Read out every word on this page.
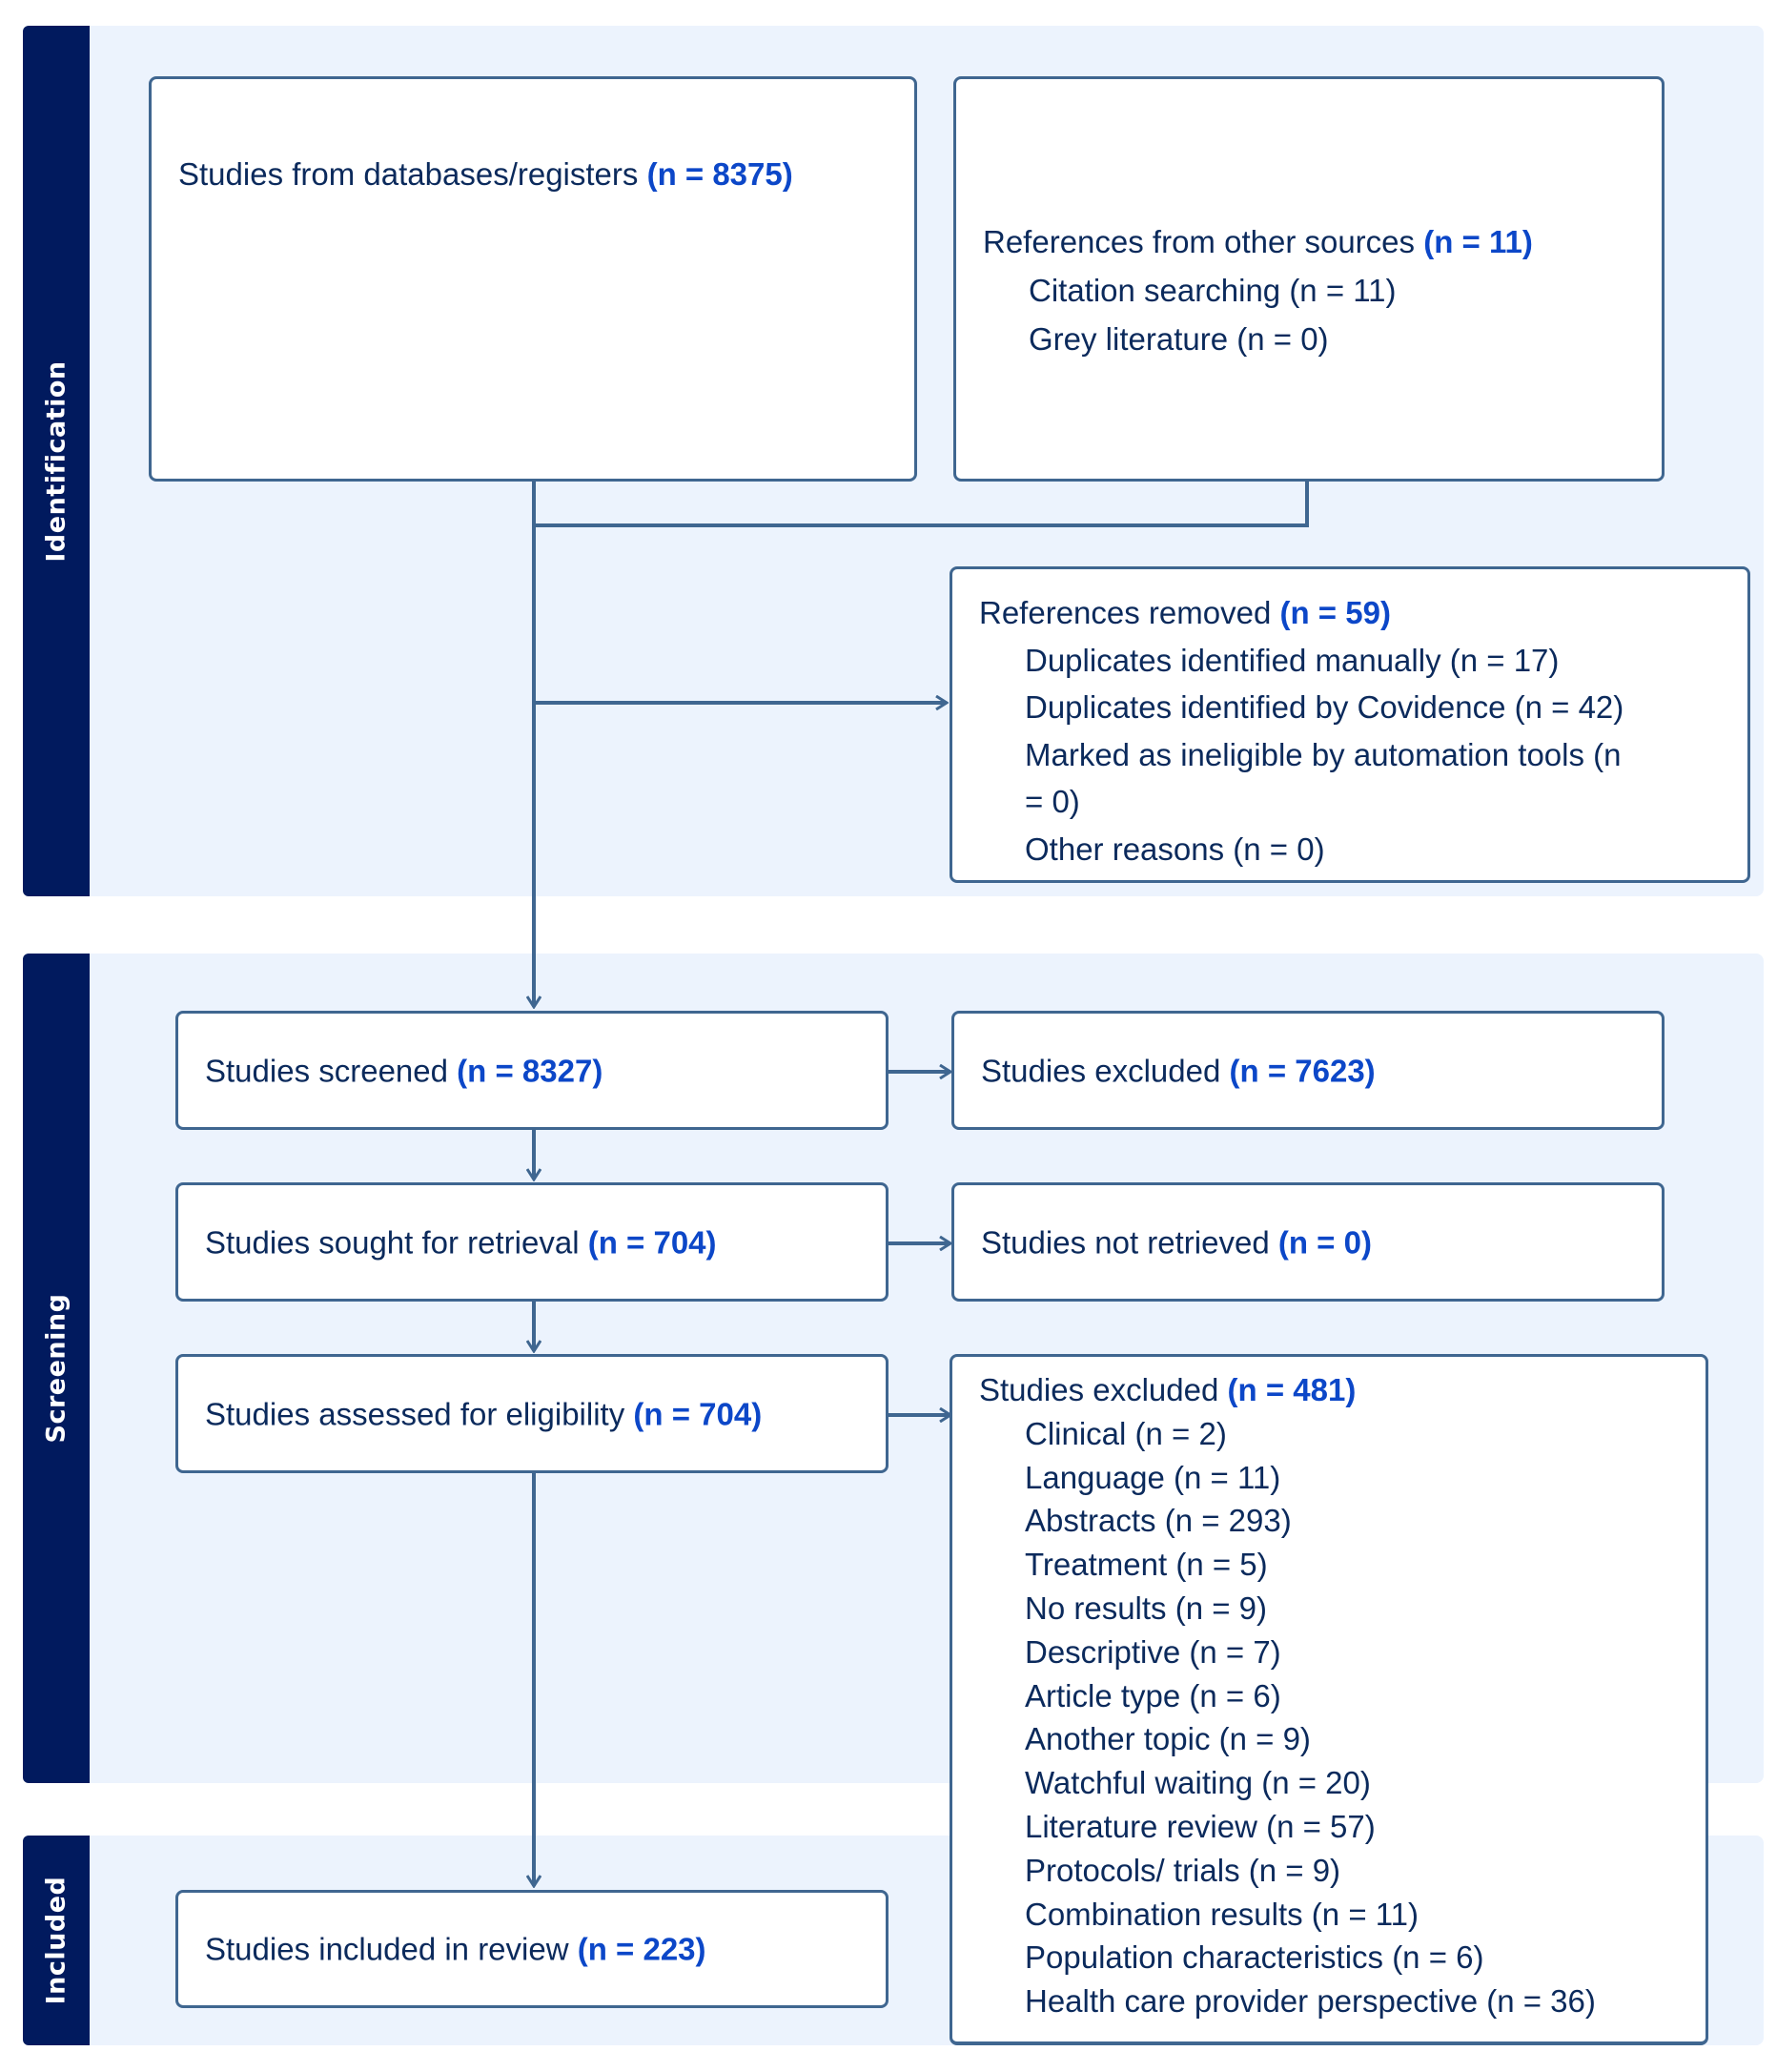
Identification
Screening
Included
Studies from databases/registers (n = 8375)
References from other sources (n = 11)
Citation searching (n = 11)
Grey literature (n = 0)
References removed (n = 59)
Duplicates identified manually (n = 17)
Duplicates identified by Covidence (n = 42)
Marked as ineligible by automation tools (n
= 0)
Other reasons (n = 0)
Studies screened (n = 8327)	Studies excluded (n = 7623)
Studies sought for retrieval (n = 704)	Studies not retrieved (n = 0)
Studies assessed for eligibility (n = 704)
Studies excluded (n = 481)
Clinical (n = 2)
Language (n = 11)
Abstracts (n = 293)
Treatment (n = 5)
No results (n = 9)
Descriptive (n = 7)
Article type (n = 6)
Another topic (n = 9)
Watchful waiting (n = 20)
Literature review (n = 57)
Protocols/ trials (n = 9)
Combination results (n = 11)
Population characteristics (n = 6)
Health care provider perspective (n = 36)
Studies included in review (n = 223)
